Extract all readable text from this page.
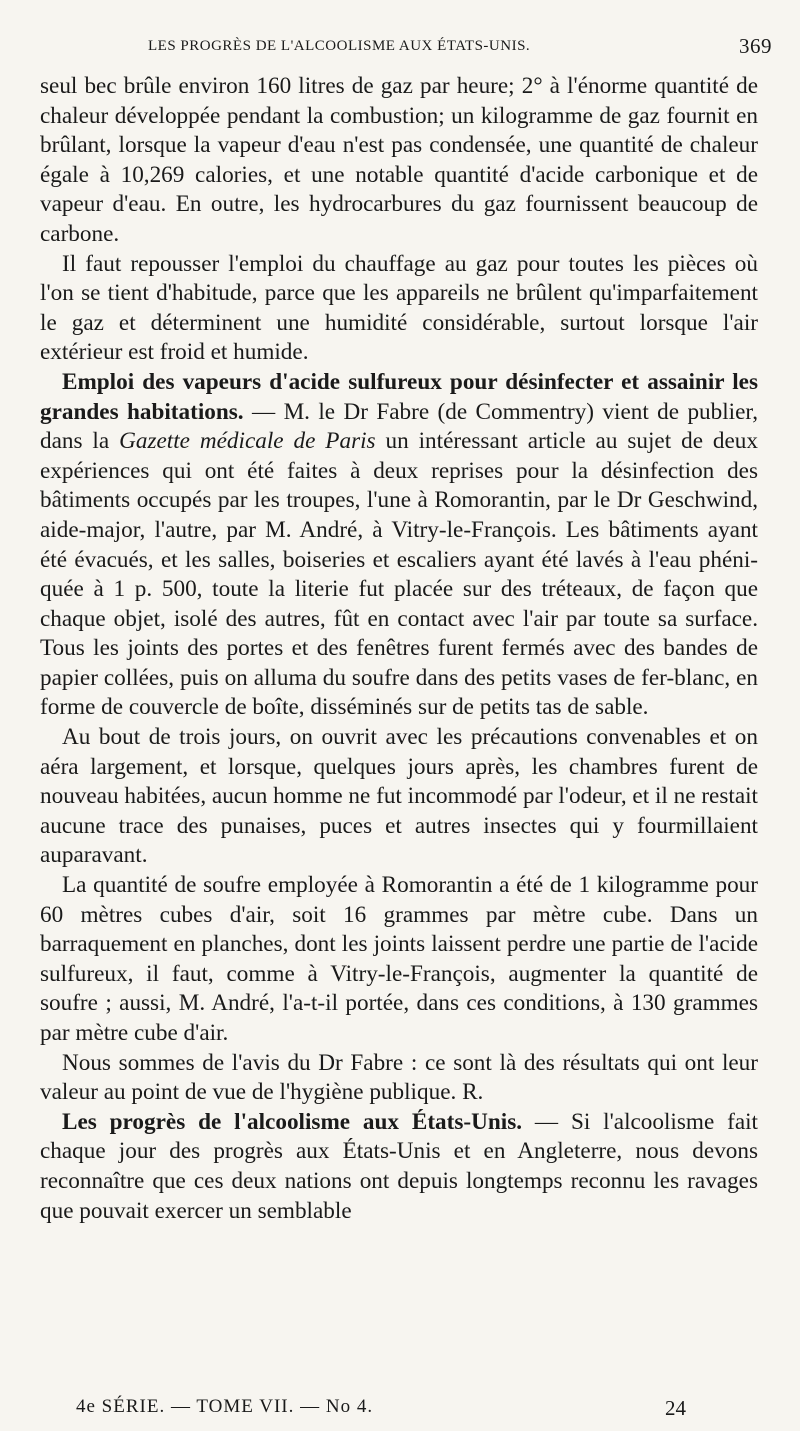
LES PROGRÈS DE L'ALCOOLISME AUX ÉTATS-UNIS.	369

seul bec brûle environ 160 litres de gaz par heure; 2° à l'énorme quantité de chaleur développée pendant la combustion; un kilogramme de gaz fournit en brûlant, lorsque la vapeur d'eau n'est pas condensée, une quantité de chaleur égale à 10,269 calories, et une notable quantité d'acide carbonique et de vapeur d'eau. En outre, les hydrocarbures du gaz fournissent beaucoup de carbone.

Il faut repousser l'emploi du chauffage au gaz pour toutes les pièces où l'on se tient d'habitude, parce que les appareils ne brûlent qu'imparfaitement le gaz et déterminent une humidité considérable, surtout lorsque l'air extérieur est froid et humide.

Emploi des vapeurs d'acide sulfureux pour désinfecter et assainir les grandes habitations. — M. le Dr Fabre (de Commentry) vient de publier, dans la Gazette médicale de Paris un intéressant article au sujet de deux expériences qui ont été faites à deux reprises pour la désinfection des bâtiments occupés par les troupes, l'une à Romorantin, par le Dr Geschwind, aide-major, l'autre, par M. André, à Vitry-le-François. Les bâtiments ayant été évacués, et les salles, boiseries et escaliers ayant été lavés à l'eau phéniquée à 1 p. 500, toute la literie fut placée sur des tréteaux, de façon que chaque objet, isolé des autres, fût en contact avec l'air par toute sa surface. Tous les joints des portes et des fenêtres furent fermés avec des bandes de papier collées, puis on alluma du soufre dans des petits vases de fer-blanc, en forme de couvercle de boîte, disséminés sur de petits tas de sable.

Au bout de trois jours, on ouvrit avec les précautions convenables et on aéra largement, et lorsque, quelques jours après, les chambres furent de nouveau habitées, aucun homme ne fut incommodé par l'odeur, et il ne restait aucune trace des punaises, puces et autres insectes qui y fourmillaient auparavant.

La quantité de soufre employée à Romorantin a été de 1 kilogramme pour 60 mètres cubes d'air, soit 16 grammes par mètre cube. Dans un barraquement en planches, dont les joints laissent perdre une partie de l'acide sulfureux, il faut, comme à Vitry-le-François, augmenter la quantité de soufre ; aussi, M. André, l'a-t-il portée, dans ces conditions, à 130 grammes par mètre cube d'air.

Nous sommes de l'avis du Dr Fabre : ce sont là des résultats qui ont leur valeur au point de vue de l'hygiène publique. R.

Les progrès de l'alcoolisme aux États-Unis. — Si l'alcoolisme fait chaque jour des progrès aux États-Unis et en Angleterre, nous devons reconnaître que ces deux nations ont depuis longtemps reconnu les ravages que pouvait exercer un semblable

4e SÉRIE. — TOME VII. — No 4.	24
